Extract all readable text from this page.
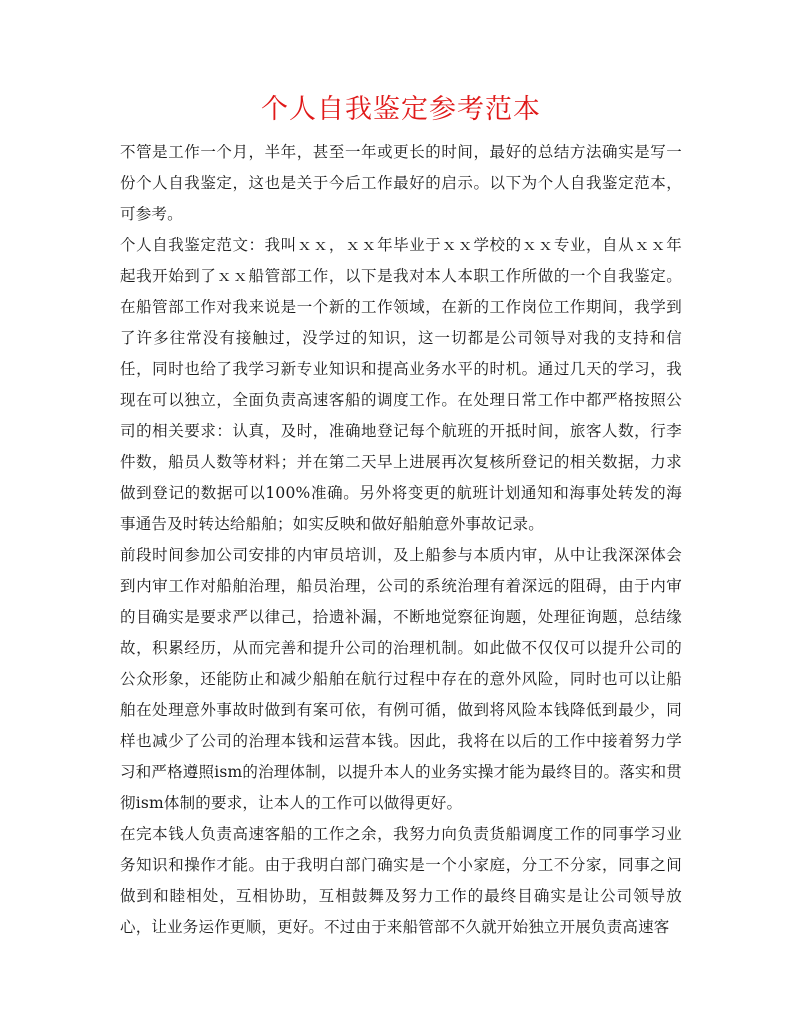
个人自我鉴定参考范本

不管是工作一个月，半年，甚至一年或更长的时间，最好的总结方法确实是写一份个人自我鉴定，这也是关于今后工作最好的启示。以下为个人自我鉴定范本，可参考。

个人自我鉴定范文：我叫ｘｘ，ｘｘ年毕业于ｘｘ学校的ｘｘ专业，自从ｘｘ年起我开始到了ｘｘ船管部工作，以下是我对本人本职工作所做的一个自我鉴定。在船管部工作对我来说是一个新的工作领域，在新的工作岗位工作期间，我学到了许多往常没有接触过，没学过的知识，这一切都是公司领导对我的支持和信任，同时也给了我学习新专业知识和提高业务水平的时机。通过几天的学习，我现在可以独立，全面负责高速客船的调度工作。在处理日常工作中都严格按照公司的相关要求：认真，及时，准确地登记每个航班的开抵时间，旅客人数，行李件数，船员人数等材料；并在第二天早上进展再次复核所登记的相关数据，力求做到登记的数据可以100%准确。另外将变更的航班计划通知和海事处转发的海事通告及时转达给船舶；如实反映和做好船舶意外事故记录。

前段时间参加公司安排的内审员培训，及上船参与本质内审，从中让我深深体会到内审工作对船舶治理，船员治理，公司的系统治理有着深远的阻碍，由于内审的目确实是要求严以律己，拾遗补漏，不断地觉察征询题，处理征询题，总结缘故，积累经历，从而完善和提升公司的治理机制。如此做不仅仅可以提升公司的公众形象，还能防止和减少船舶在航行过程中存在的意外风险，同时也可以让船舶在处理意外事故时做到有案可依，有例可循，做到将风险本钱降低到最少，同样也减少了公司的治理本钱和运营本钱。因此，我将在以后的工作中接着努力学习和严格遵照ism的治理体制，以提升本人的业务实操才能为最终目的。落实和贯彻ism体制的要求，让本人的工作可以做得更好。

在完本钱人负责高速客船的工作之余，我努力向负责货船调度工作的同事学习业务知识和操作才能。由于我明白部门确实是一个小家庭，分工不分家，同事之间做到和睦相处，互相协助，互相鼓舞及努力工作的最终目确实是让公司领导放心，让业务运作更顺，更好。不过由于来船管部不久就开始独立开展负责高速客
